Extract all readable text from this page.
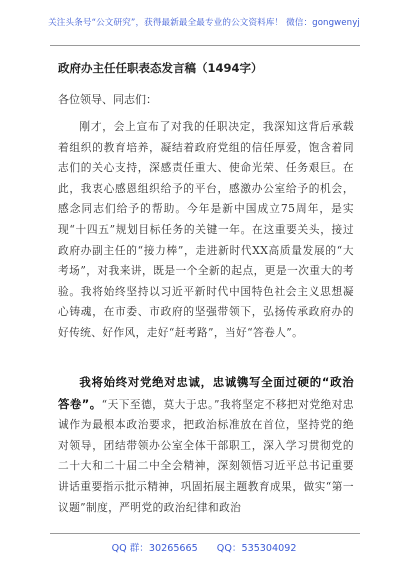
关注头条号“公文研究”，获得最新最全最专业的公文资料库！ 微信：gongwenyj
政府办主任任职表态发言稿（1494字）
各位领导、同志们：

刚才，会上宣布了对我的任职决定，我深知这背后承载着组织的教育培养，凝结着政府党组的信任厚爱，饱含着同志们的关心支持，深感责任重大、使命光荣、任务艰巨。在此，我衷心感恩组织给予的平台，感激办公室给予的机会，感念同志们给予的帮助。今年是新中国成立75周年，是实现“十四五”规划目标任务的关键一年。在这重要关头，接过政府办副主任的“接力棒”，走进新时代XX高质量发展的“大考场”，对我来讲，既是一个全新的起点，更是一次重大的考验。我将始终坚持以习近平新时代中国特色社会主义思想凝心铸魂，在市委、市政府的坚强带领下，弘扬传承政府办的好传统、好作风，走好“赶考路”，当好“答卷人”。

我将始终对党绝对忠诚，忠诚镌写全面过硬的“政治答卷”。“天下至德，莫大于忠。”我将坚定不移把对党绝对忠诚作为最根本政治要求，把政治标准放在首位，坚持党的绝对领导，团结带领办公室全体干部职工，深入学习贯彻党的二十大和二十届二中全会精神，深刻领悟习近平总书记重要讲话重要指示批示精神，巩固拓展主题教育成果，做实“第一议题”制度，严明党的政治纪律和政治

QQ 群：30265665 QQ：535304092
